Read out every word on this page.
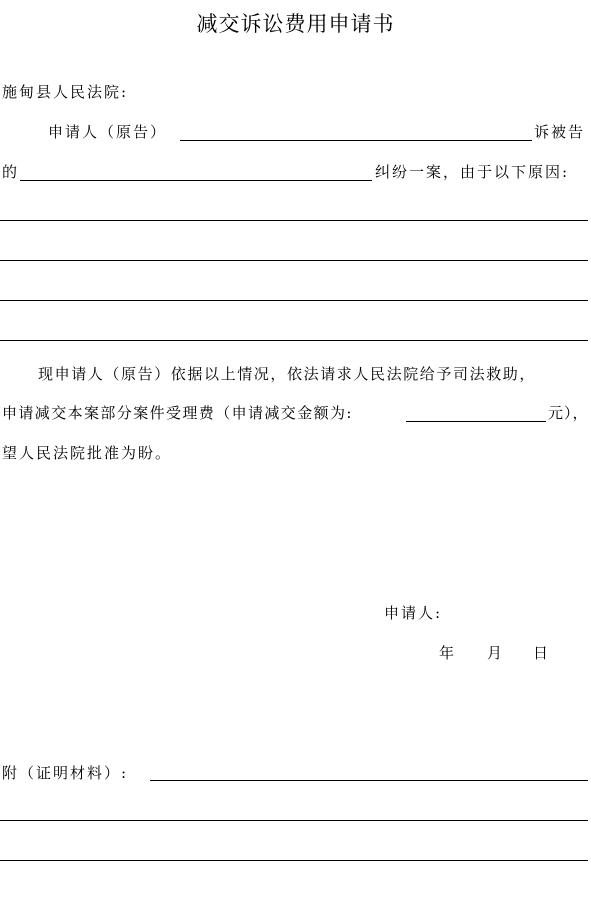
减交诉讼费用申请书
施甸县人民法院:
申请人（原告）	诉被告
的	纠纷一案，由于以下原因:
现申请人（原告）依据以上情况，依法请求人民法院给予司法救助，
申请减交本案部分案件受理费（申请减交金额为:	元），
望人民法院批准为盼。
申请人:
年 月 日
附（证明材料）:
